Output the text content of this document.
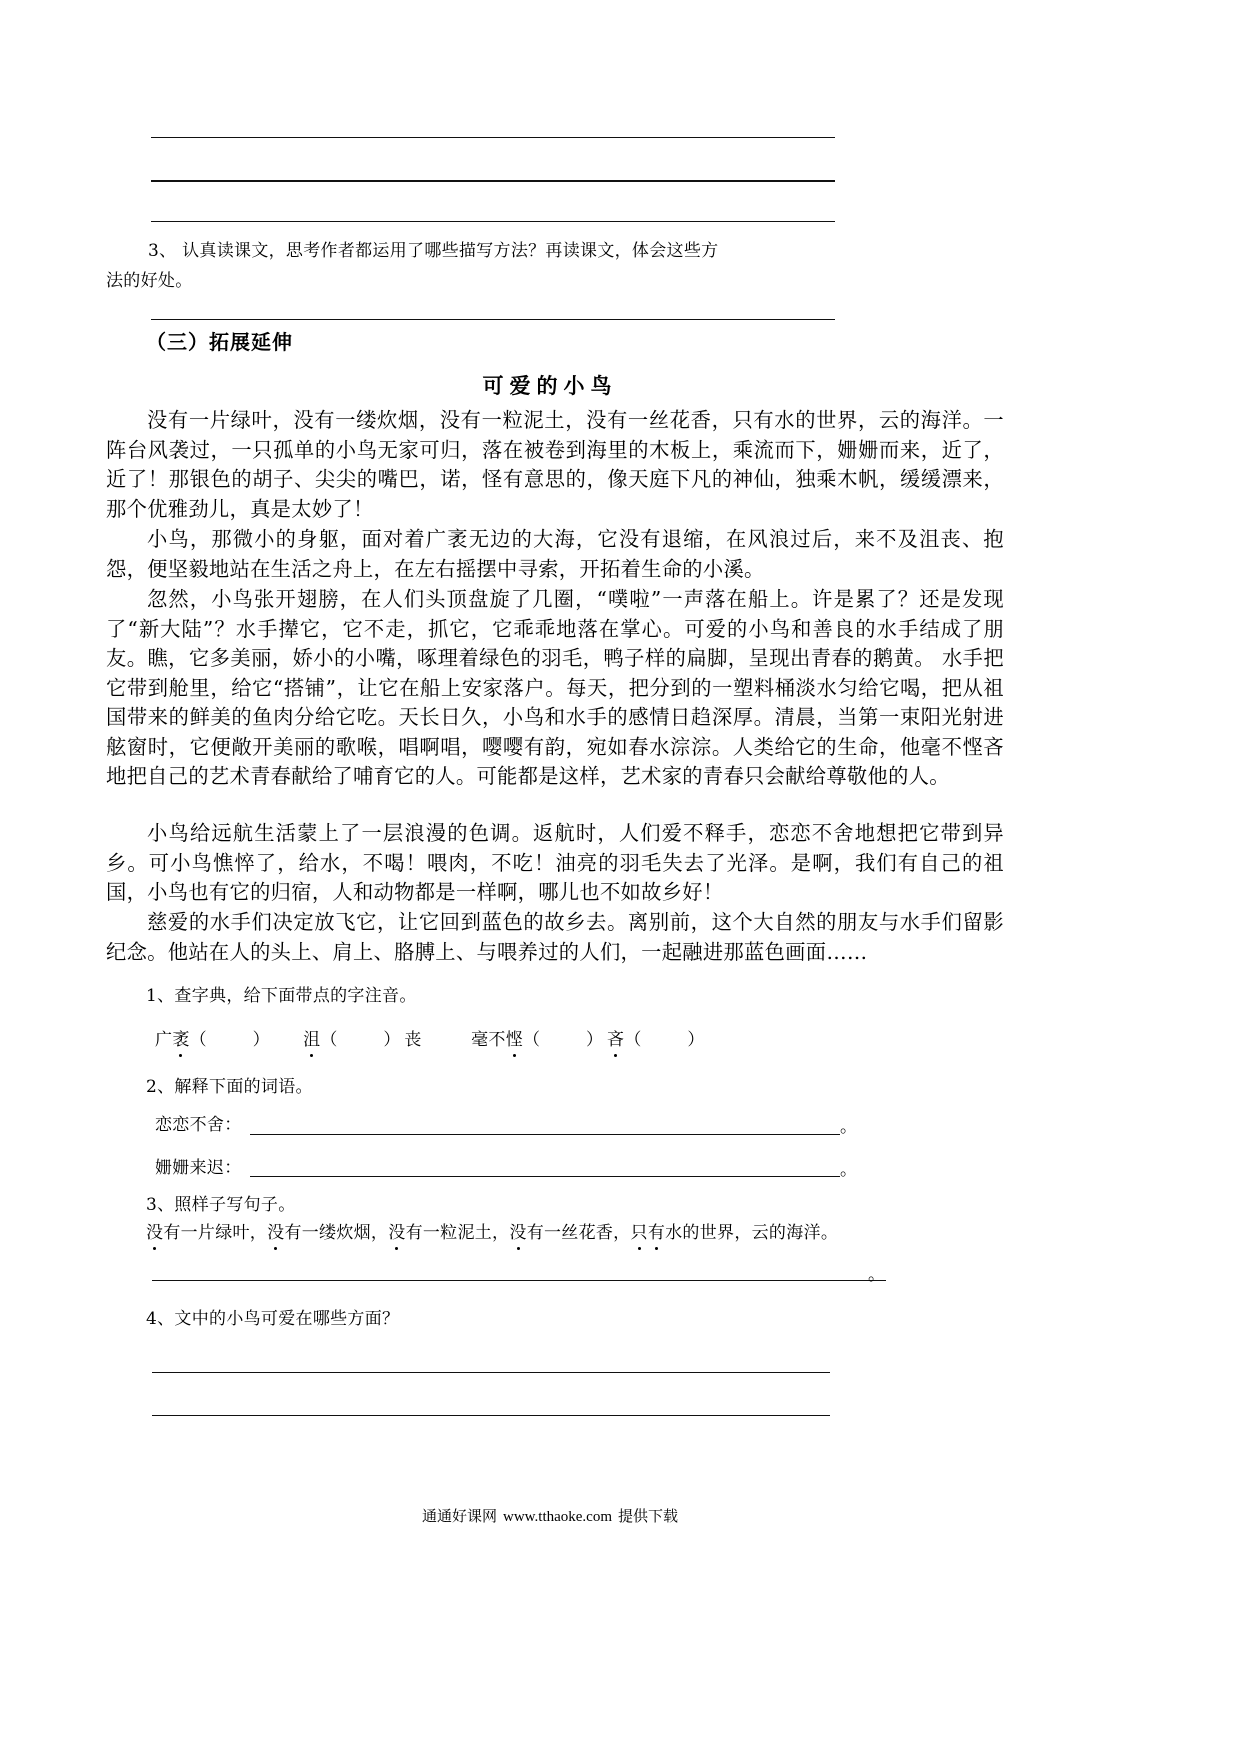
3、 认真读课文，思考作者都运用了哪些描写方法？再读课文，体会这些方
法的好处。
（三）拓展延伸
可爱的小鸟

没有一片绿叶，没有一缕炊烟，没有一粒泥土，没有一丝花香，只有水的世界，云的海洋。一阵台风袭过，一只孤单的小鸟无家可归，落在被卷到海里的木板上，乘流而下，姗姗而来，近了，近了！那银色的胡子、尖尖的嘴巴，诺，怪有意思的，像天庭下凡的神仙，独乘木帆，缓缓漂来，那个优雅劲儿，真是太妙了！

小鸟，那微小的身躯，面对着广袤无边的大海，它没有退缩，在风浪过后，来不及沮丧、抱怨，便坚毅地站在生活之舟上，在左右摇摆中寻索，开拓着生命的小溪。

忽然，小鸟张开翅膀，在人们头顶盘旋了几圈，“噗啦”一声落在船上。许是累了？还是发现了“新大陆”？水手撵它，它不走，抓它，它乖乖地落在掌心。可爱的小鸟和善良的水手结成了朋友。瞧，它多美丽，娇小的小嘴，啄理着绿色的羽毛，鸭子样的扁脚，呈现出青春的鹅黄。 水手把它带到舱里，给它“搭铺”，让它在船上安家落户。每天，把分到的一塑料桶淡水匀给它喝，把从祖国带来的鲜美的鱼肉分给它吃。天长日久，小鸟和水手的感情日趋深厚。清晨，当第一束阳光射进舷窗时，它便敞开美丽的歌喉，唱啊唱，嘤嘤有韵，宛如春水淙淙。人类给它的生命，他毫不悭吝地把自己的艺术青春献给了哺育它的人。可能都是这样，艺术家的青春只会献给尊敬他的人。

小鸟给远航生活蒙上了一层浪漫的色调。返航时，人们爱不释手，恋恋不舍地想把它带到异乡。可小鸟憔悴了，给水，不喝！喂肉，不吃！油亮的羽毛失去了光泽。是啊，我们有自己的祖国，小鸟也有它的归宿，人和动物都是一样啊，哪儿也不如故乡好！

慈爱的水手们决定放飞它，让它回到蓝色的故乡去。离别前，这个大自然的朋友与水手们留影纪念。他站在人的头上、肩上、胳膊上、与喂养过的人们，一起融进那蓝色画面……

1、查字典，给下面带点的字注音。
广袤（　　） 沮（　　）丧	毫不悭（　　）吝（　　）
2、解释下面的词语。
恋恋不舍：	。
姗姗来迟：	。
3、照样子写句子。
没有一片绿叶，没有一缕炊烟，没有一粒泥土，没有一丝花香，只有水的世界，云的海洋。
。
4、文中的小鸟可爱在哪些方面？
通通好课网 www.tthaoke.com 提供下载
